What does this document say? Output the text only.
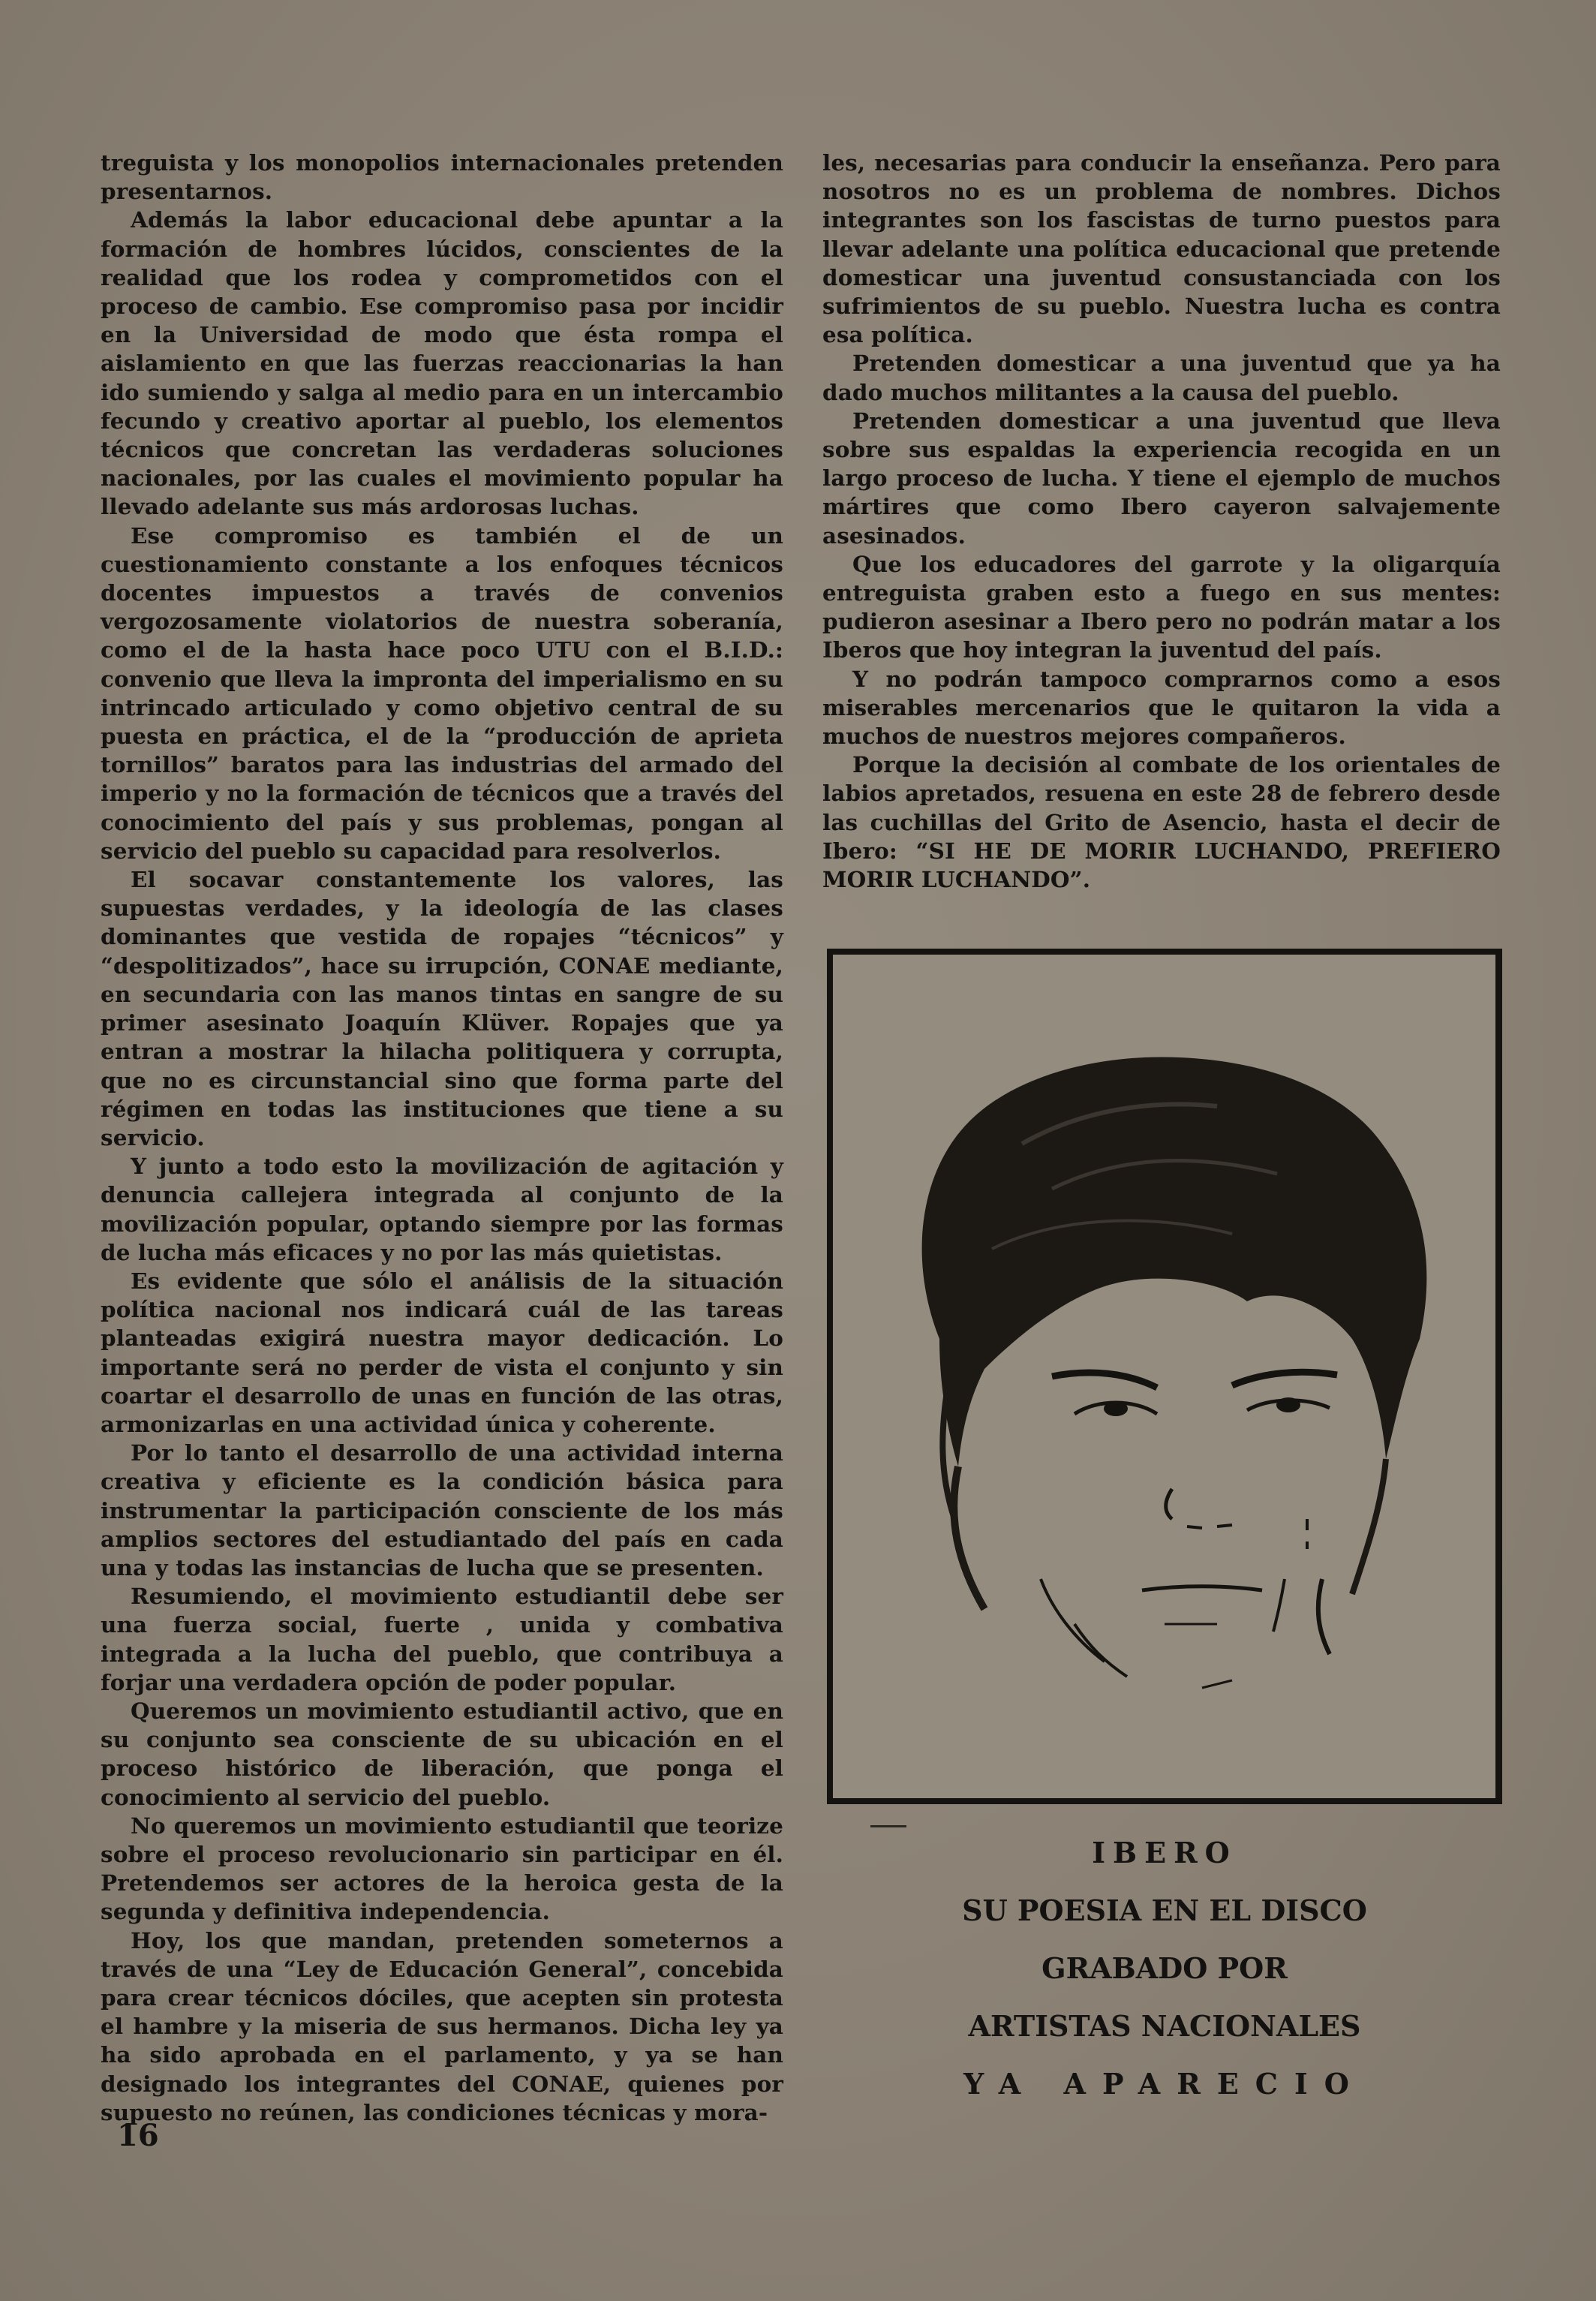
treguista y los monopolios internacionales pretenden presentarnos.

Además la labor educacional debe apuntar a la formación de hombres lúcidos, conscientes de la realidad que los rodea y comprometidos con el proceso de cambio. Ese compromiso pasa por incidir en la Universidad de modo que ésta rompa el aislamiento en que las fuerzas reaccionarias la han ido sumiendo y salga al medio para en un intercambio fecundo y creativo aportar al pueblo, los elementos técnicos que concretan las verdaderas soluciones nacionales, por las cuales el movimiento popular ha llevado adelante sus más ardorosas luchas.

Ese compromiso es también el de un cuestionamiento constante a los enfoques técnicos docentes impuestos a través de convenios vergozosamente violatorios de nuestra soberanía, como el de la hasta hace poco UTU con el B.I.D.: convenio que lleva la impronta del imperialismo en su intrincado articulado y como objetivo central de su puesta en práctica, el de la “producción de aprieta tornillos” baratos para las industrias del armado del imperio y no la formación de técnicos que a través del conocimiento del país y sus problemas, pongan al servicio del pueblo su capacidad para resolverlos.

El socavar constantemente los valores, las supuestas verdades, y la ideología de las clases dominantes que vestida de ropajes “técnicos” y “despolitizados”, hace su irrupción, CONAE mediante, en secundaria con las manos tintas en sangre de su primer asesinato Joaquín Klüver. Ropajes que ya entran a mostrar la hilacha politiquera y corrupta, que no es circunstancial sino que forma parte del régimen en todas las instituciones que tiene a su servicio.

Y junto a todo esto la movilización de agitación y denuncia callejera integrada al conjunto de la movilización popular, optando siempre por las formas de lucha más eficaces y no por las más quietistas.

Es evidente que sólo el análisis de la situación política nacional nos indicará cuál de las tareas planteadas exigirá nuestra mayor dedicación. Lo importante será no perder de vista el conjunto y sin coartar el desarrollo de unas en función de las otras, armonizarlas en una actividad única y coherente.

Por lo tanto el desarrollo de una actividad interna creativa y eficiente es la condición básica para instrumentar la participación consciente de los más amplios sectores del estudiantado del país en cada una y todas las instancias de lucha que se presenten.

Resumiendo, el movimiento estudiantil debe ser una fuerza social, fuerte , unida y combativa integrada a la lucha del pueblo, que contribuya a forjar una verdadera opción de poder popular.

Queremos un movimiento estudiantil activo, que en su conjunto sea consciente de su ubicación en el proceso histórico de liberación, que ponga el conocimiento al servicio del pueblo.

No queremos un movimiento estudiantil que teorize sobre el proceso revolucionario sin participar en él. Pretendemos ser actores de la heroica gesta de la segunda y definitiva independencia.

Hoy, los que mandan, pretenden someternos a través de una “Ley de Educación General”, concebida para crear técnicos dóciles, que acepten sin protesta el hambre y la miseria de sus hermanos. Dicha ley ya ha sido aprobada en el parlamento, y ya se han designado los integrantes del CONAE, quienes por supuesto no reúnen, las condiciones técnicas y mora-

les, necesarias para conducir la enseñanza. Pero para nosotros no es un problema de nombres. Dichos integrantes son los fascistas de turno puestos para llevar adelante una política educacional que pretende domesticar una juventud consustanciada con los sufrimientos de su pueblo. Nuestra lucha es contra esa política.

Pretenden domesticar a una juventud que ya ha dado muchos militantes a la causa del pueblo.

Pretenden domesticar a una juventud que lleva sobre sus espaldas la experiencia recogida en un largo proceso de lucha. Y tiene el ejemplo de muchos mártires que como Ibero cayeron salvajemente asesinados.

Que los educadores del garrote y la oligarquía entreguista graben esto a fuego en sus mentes: pudieron asesinar a Ibero pero no podrán matar a los Iberos que hoy integran la juventud del país.

Y no podrán tampoco comprarnos como a esos miserables mercenarios que le quitaron la vida a muchos de nuestros mejores compañeros.

Porque la decisión al combate de los orientales de labios apretados, resuena en este 28 de febrero desde las cuchillas del Grito de Asencio, hasta el decir de Ibero: “SI HE DE MORIR LUCHANDO, PREFIERO MORIR LUCHANDO”.

IBERO
SU POESIA EN EL DISCO
GRABADO POR
ARTISTAS NACIONALES
YA APARECIO
16
